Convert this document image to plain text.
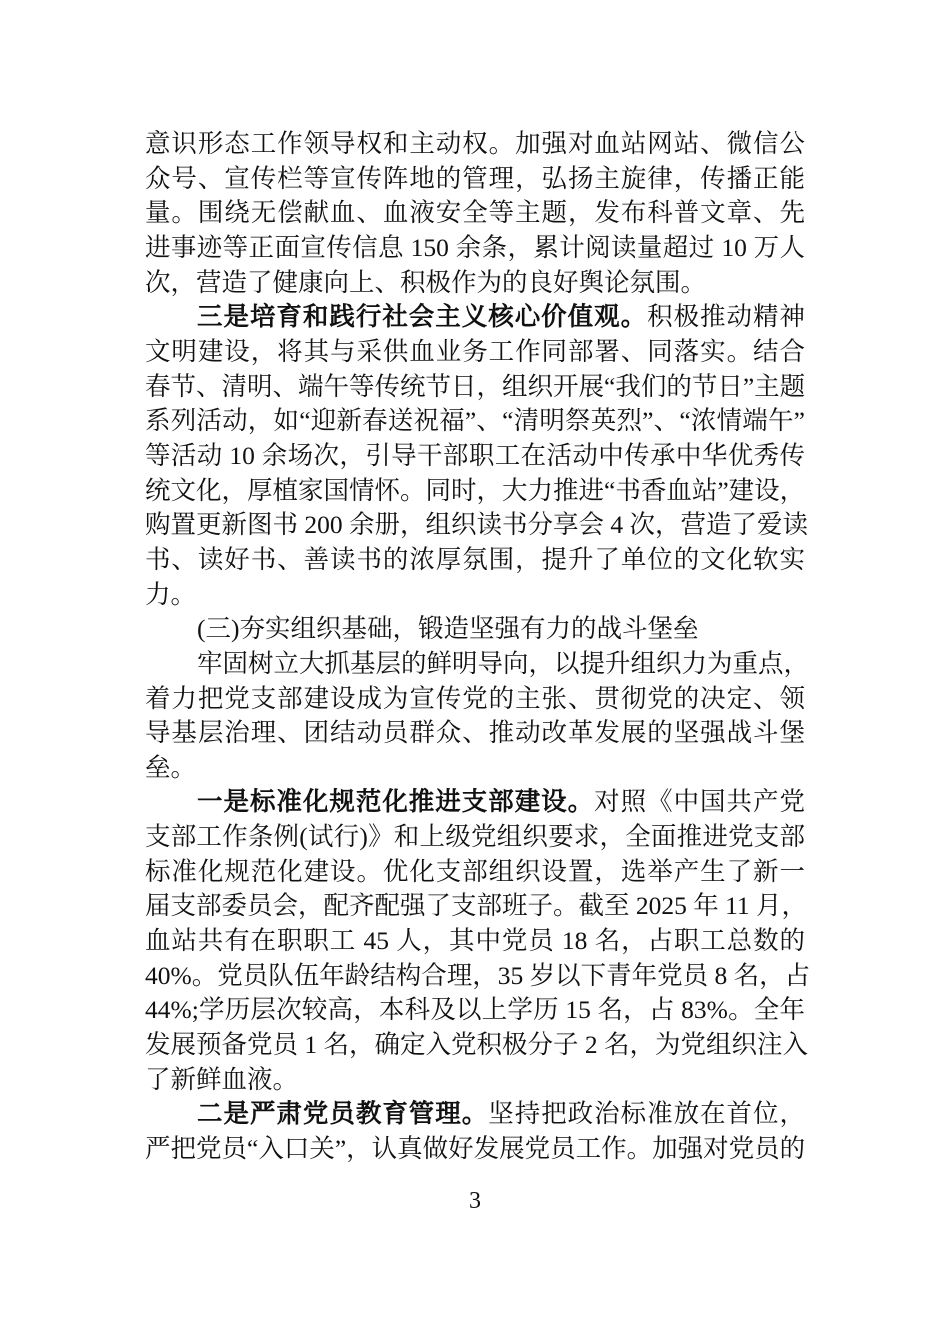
意识形态工作领导权和主动权。加强对血站网站、微信公
众号、宣传栏等宣传阵地的管理，弘扬主旋律，传播正能
量。围绕无偿献血、血液安全等主题，发布科普文章、先
进事迹等正面宣传信息 150 余条，累计阅读量超过 10 万人
次，营造了健康向上、积极作为的良好舆论氛围。
三是培育和践行社会主义核心价值观。积极推动精神
文明建设，将其与采供血业务工作同部署、同落实。结合
春节、清明、端午等传统节日，组织开展“我们的节日”主题
系列活动，如“迎新春送祝福”、“清明祭英烈”、“浓情端午”
等活动 10 余场次，引导干部职工在活动中传承中华优秀传
统文化，厚植家国情怀。同时，大力推进“书香血站”建设，
购置更新图书 200 余册，组织读书分享会 4 次，营造了爱读
书、读好书、善读书的浓厚氛围，提升了单位的文化软实
力。
(三)夯实组织基础，锻造坚强有力的战斗堡垒
牢固树立大抓基层的鲜明导向，以提升组织力为重点，
着力把党支部建设成为宣传党的主张、贯彻党的决定、领
导基层治理、团结动员群众、推动改革发展的坚强战斗堡
垒。
一是标准化规范化推进支部建设。对照《中国共产党
支部工作条例(试行)》和上级党组织要求，全面推进党支部
标准化规范化建设。优化支部组织设置，选举产生了新一
届支部委员会，配齐配强了支部班子。截至 2025 年 11 月，
血站共有在职职工 45 人，其中党员 18 名，占职工总数的
40%。党员队伍年龄结构合理，35 岁以下青年党员 8 名，占
44%;学历层次较高，本科及以上学历 15 名，占 83%。全年
发展预备党员 1 名，确定入党积极分子 2 名，为党组织注入
了新鲜血液。
二是严肃党员教育管理。坚持把政治标准放在首位，
严把党员“入口关”，认真做好发展党员工作。加强对党员的
3
